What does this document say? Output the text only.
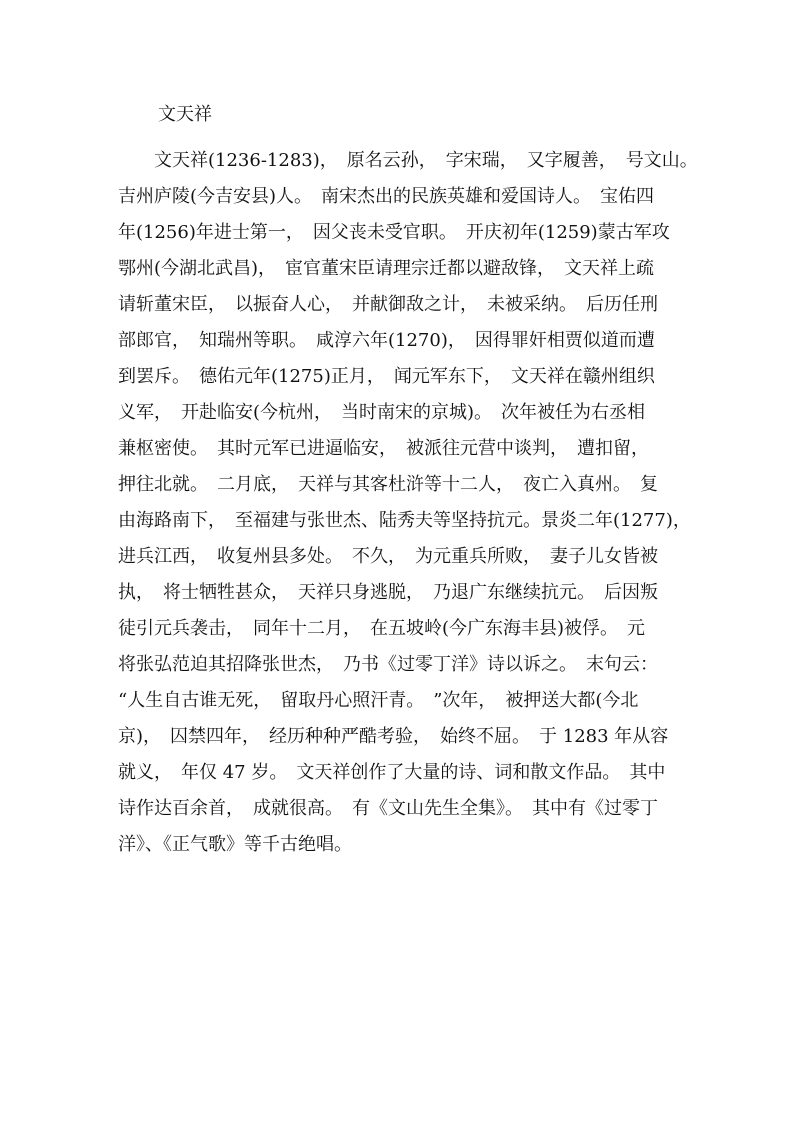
文天祥
　　文天祥(1236-1283)，　原名云孙，　字宋瑞，　又字履善，　号文山。
吉州庐陵(今吉安县)人。　南宋杰出的民族英雄和爱国诗人。　宝佑四
年(1256)年进士第一，　因父丧未受官职。　开庆初年(1259)蒙古军攻
鄂州(今湖北武昌)，　宦官董宋臣请理宗迁都以避敌锋，　文天祥上疏
请斩董宋臣，　以振奋人心，　并献御敌之计，　未被采纳。　后历任刑
部郎官，　知瑞州等职。　咸淳六年(1270)，　因得罪奸相贾似道而遭
到罢斥。　德佑元年(1275)正月，　闻元军东下，　文天祥在赣州组织
义军，　开赴临安(今杭州，　当时南宋的京城)。　次年被任为右丞相
兼枢密使。　其时元军已进逼临安，　被派往元营中谈判，　遭扣留，
押往北就。　二月底，　天祥与其客杜浒等十二人，　夜亡入真州。　复
由海路南下，　至福建与张世杰、陆秀夫等坚持抗元。景炎二年(1277)，
进兵江西，　收复州县多处。　不久，　为元重兵所败，　妻子儿女皆被
执，　将士牺牲甚众，　天祥只身逃脱，　乃退广东继续抗元。　后因叛
徒引元兵袭击，　同年十二月，　在五坡岭(今广东海丰县)被俘。　元
将张弘范迫其招降张世杰，　乃书《过零丁洋》诗以诉之。　末句云：
“人生自古谁无死，　留取丹心照汗青。　”次年，　被押送大都(今北
京)，　囚禁四年，　经历种种严酷考验，　始终不屈。　于 1283 年从容
就义，　年仅 47 岁。　文天祥创作了大量的诗、词和散文作品。　其中
诗作达百余首，　成就很高。　有《文山先生全集》。　其中有《过零丁
洋》、《正气歌》等千古绝唱。
